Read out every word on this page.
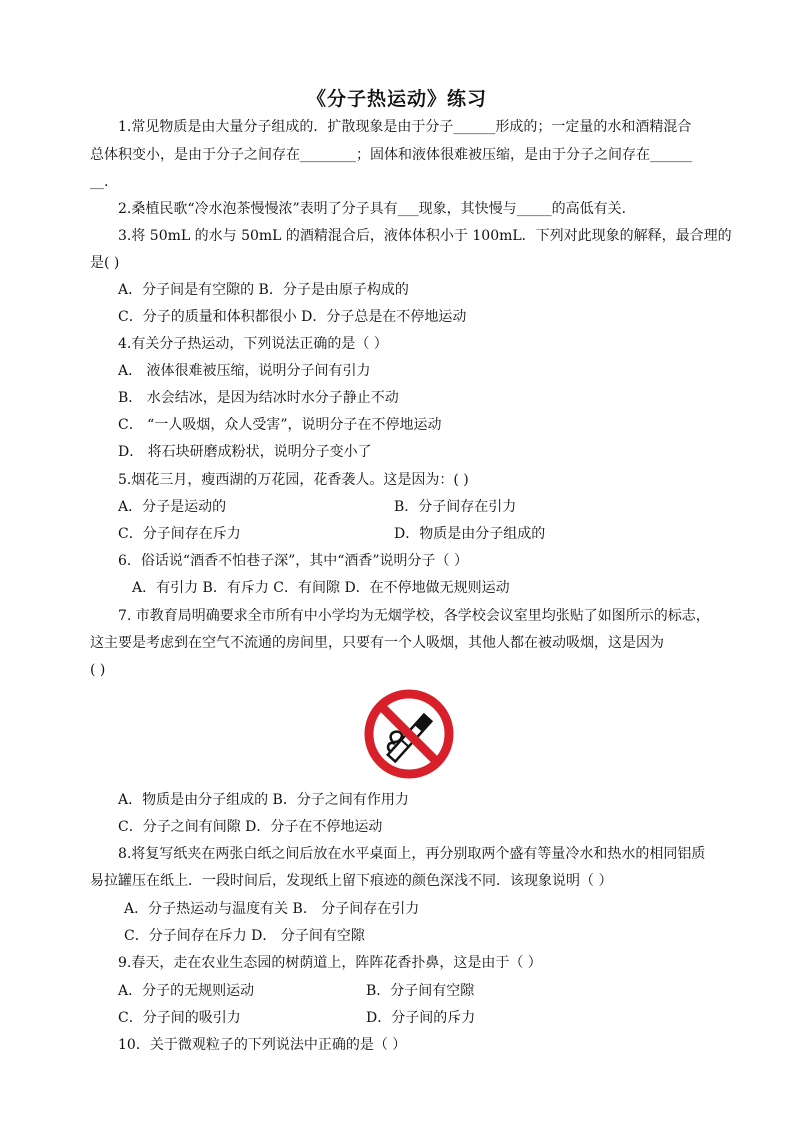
《分子热运动》练习
1.常见物质是由大量分子组成的．扩散现象是由于分子______形成的；一定量的水和酒精混合
总体积变小，是由于分子之间存在________；固体和液体很难被压缩，是由于分子之间存在______
__.
2.桑植民歌“冷水泡茶慢慢浓”表明了分子具有___现象，其快慢与_____的高低有关．
3.将 50mL 的水与 50mL 的酒精混合后，液体体积小于 100mL．下列对此现象的解释，最合理的
是( )
A．分子间是有空隙的 B．分子是由原子构成的
C．分子的质量和体积都很小 D．分子总是在不停地运动
4.有关分子热运动，下列说法正确的是（ ）
A． 液体很难被压缩，说明分子间有引力
B． 水会结冰，是因为结冰时水分子静止不动
C． “一人吸烟，众人受害”，说明分子在不停地运动
D． 将石块研磨成粉状，说明分子变小了
5.烟花三月，瘦西湖的万花园，花香袭人。这是因为：( )
A．分子是运动的	B．分子间存在引力
C．分子间存在斥力	D．物质是由分子组成的
6．俗话说“酒香不怕巷子深”，其中“酒香”说明分子（ ）
A．有引力 B．有斥力 C．有间隙 D．在不停地做无规则运动
7. 市教育局明确要求全市所有中小学均为无烟学校，各学校会议室里均张贴了如图所示的标志，
这主要是考虑到在空气不流通的房间里，只要有一个人吸烟，其他人都在被动吸烟，这是因为
( )
A．物质是由分子组成的 B．分子之间有作用力
C．分子之间有间隙 D．分子在不停地运动
8.将复写纸夹在两张白纸之间后放在水平桌面上，再分别取两个盛有等量冷水和热水的相同铝质
易拉罐压在纸上．一段时间后，发现纸上留下痕迹的颜色深浅不同．该现象说明（ ）
A．分子热运动与温度有关 B． 分子间存在引力
C．分子间存在斥力 D． 分子间有空隙
9.春天，走在农业生态园的树荫道上，阵阵花香扑鼻，这是由于（ ）
A．分子的无规则运动	B．分子间有空隙
C．分子间的吸引力	D．分子间的斥力
10．关于微观粒子的下列说法中正确的是（ ）
